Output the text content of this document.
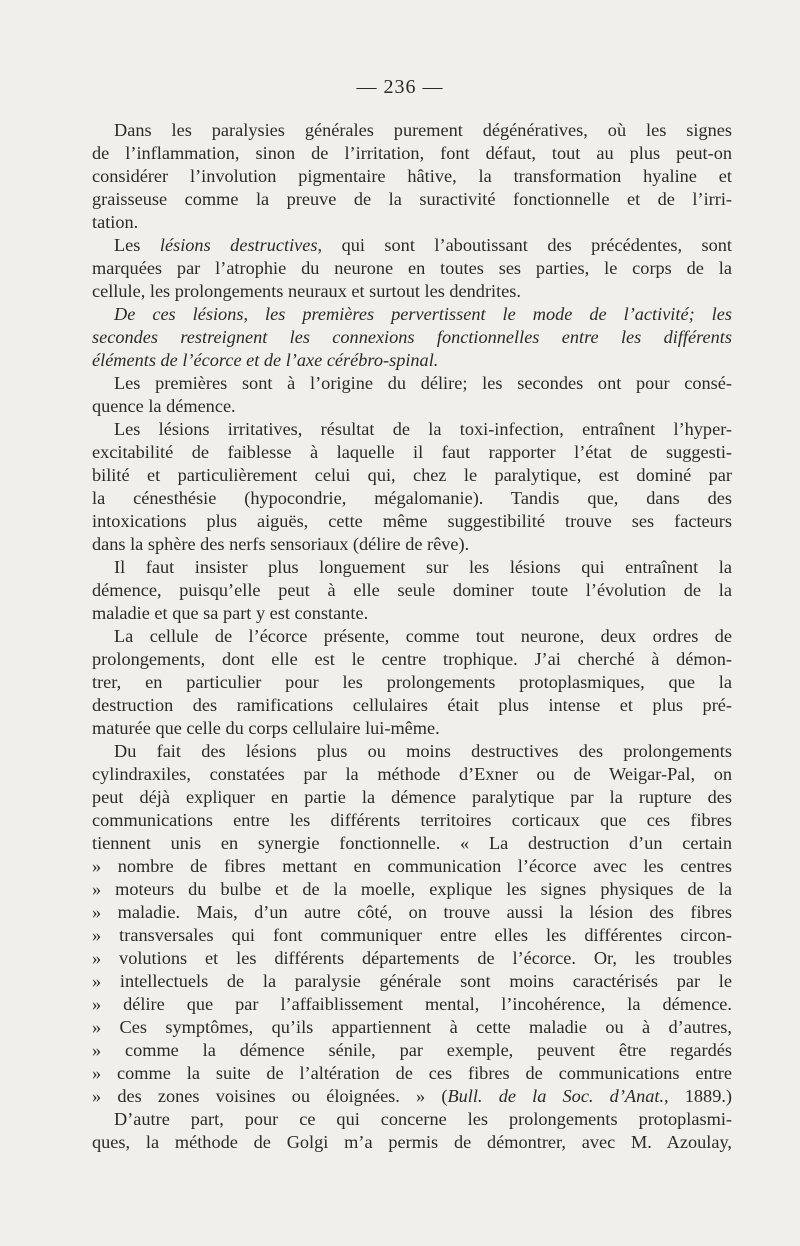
— 236 —
Dans les paralysies générales purement dégénératives, où les signes
de l’inflammation, sinon de l’irritation, font défaut, tout au plus peut-on
considérer l’involution pigmentaire hâtive, la transformation hyaline et
graisseuse comme la preuve de la suractivité fonctionnelle et de l’irri-
tation.
Les lésions destructives, qui sont l’aboutissant des précédentes, sont
marquées par l’atrophie du neurone en toutes ses parties, le corps de la
cellule, les prolongements neuraux et surtout les dendrites.
De ces lésions, les premières pervertissent le mode de l’activité; les
secondes restreignent les connexions fonctionnelles entre les différents
éléments de l’écorce et de l’axe cérébro-spinal.
Les premières sont à l’origine du délire; les secondes ont pour consé-
quence la démence.
Les lésions irritatives, résultat de la toxi-infection, entraînent l’hyper-
excitabilité de faiblesse à laquelle il faut rapporter l’état de suggesti-
bilité et particulièrement celui qui, chez le paralytique, est dominé par
la cénesthésie (hypocondrie, mégalomanie). Tandis que, dans des
intoxications plus aiguës, cette même suggestibilité trouve ses facteurs
dans la sphère des nerfs sensoriaux (délire de rêve).
Il faut insister plus longuement sur les lésions qui entraînent la
démence, puisqu’elle peut à elle seule dominer toute l’évolution de la
maladie et que sa part y est constante.
La cellule de l’écorce présente, comme tout neurone, deux ordres de
prolongements, dont elle est le centre trophique. J’ai cherché à démon-
trer, en particulier pour les prolongements protoplasmiques, que la
destruction des ramifications cellulaires était plus intense et plus pré-
maturée que celle du corps cellulaire lui-même.
Du fait des lésions plus ou moins destructives des prolongements
cylindraxiles, constatées par la méthode d’Exner ou de Weigar-Pal, on
peut déjà expliquer en partie la démence paralytique par la rupture des
communications entre les différents territoires corticaux que ces fibres
tiennent unis en synergie fonctionnelle. « La destruction d’un certain
» nombre de fibres mettant en communication l’écorce avec les centres
» moteurs du bulbe et de la moelle, explique les signes physiques de la
» maladie. Mais, d’un autre côté, on trouve aussi la lésion des fibres
» transversales qui font communiquer entre elles les différentes circon-
» volutions et les différents départements de l’écorce. Or, les troubles
» intellectuels de la paralysie générale sont moins caractérisés par le
» délire que par l’affaiblissement mental, l’incohérence, la démence.
» Ces symptômes, qu’ils appartiennent à cette maladie ou à d’autres,
» comme la démence sénile, par exemple, peuvent être regardés
» comme la suite de l’altération de ces fibres de communications entre
» des zones voisines ou éloignées. » (Bull. de la Soc. d’Anat., 1889.)
D’autre part, pour ce qui concerne les prolongements protoplasmi-
ques, la méthode de Golgi m’a permis de démontrer, avec M. Azoulay,
